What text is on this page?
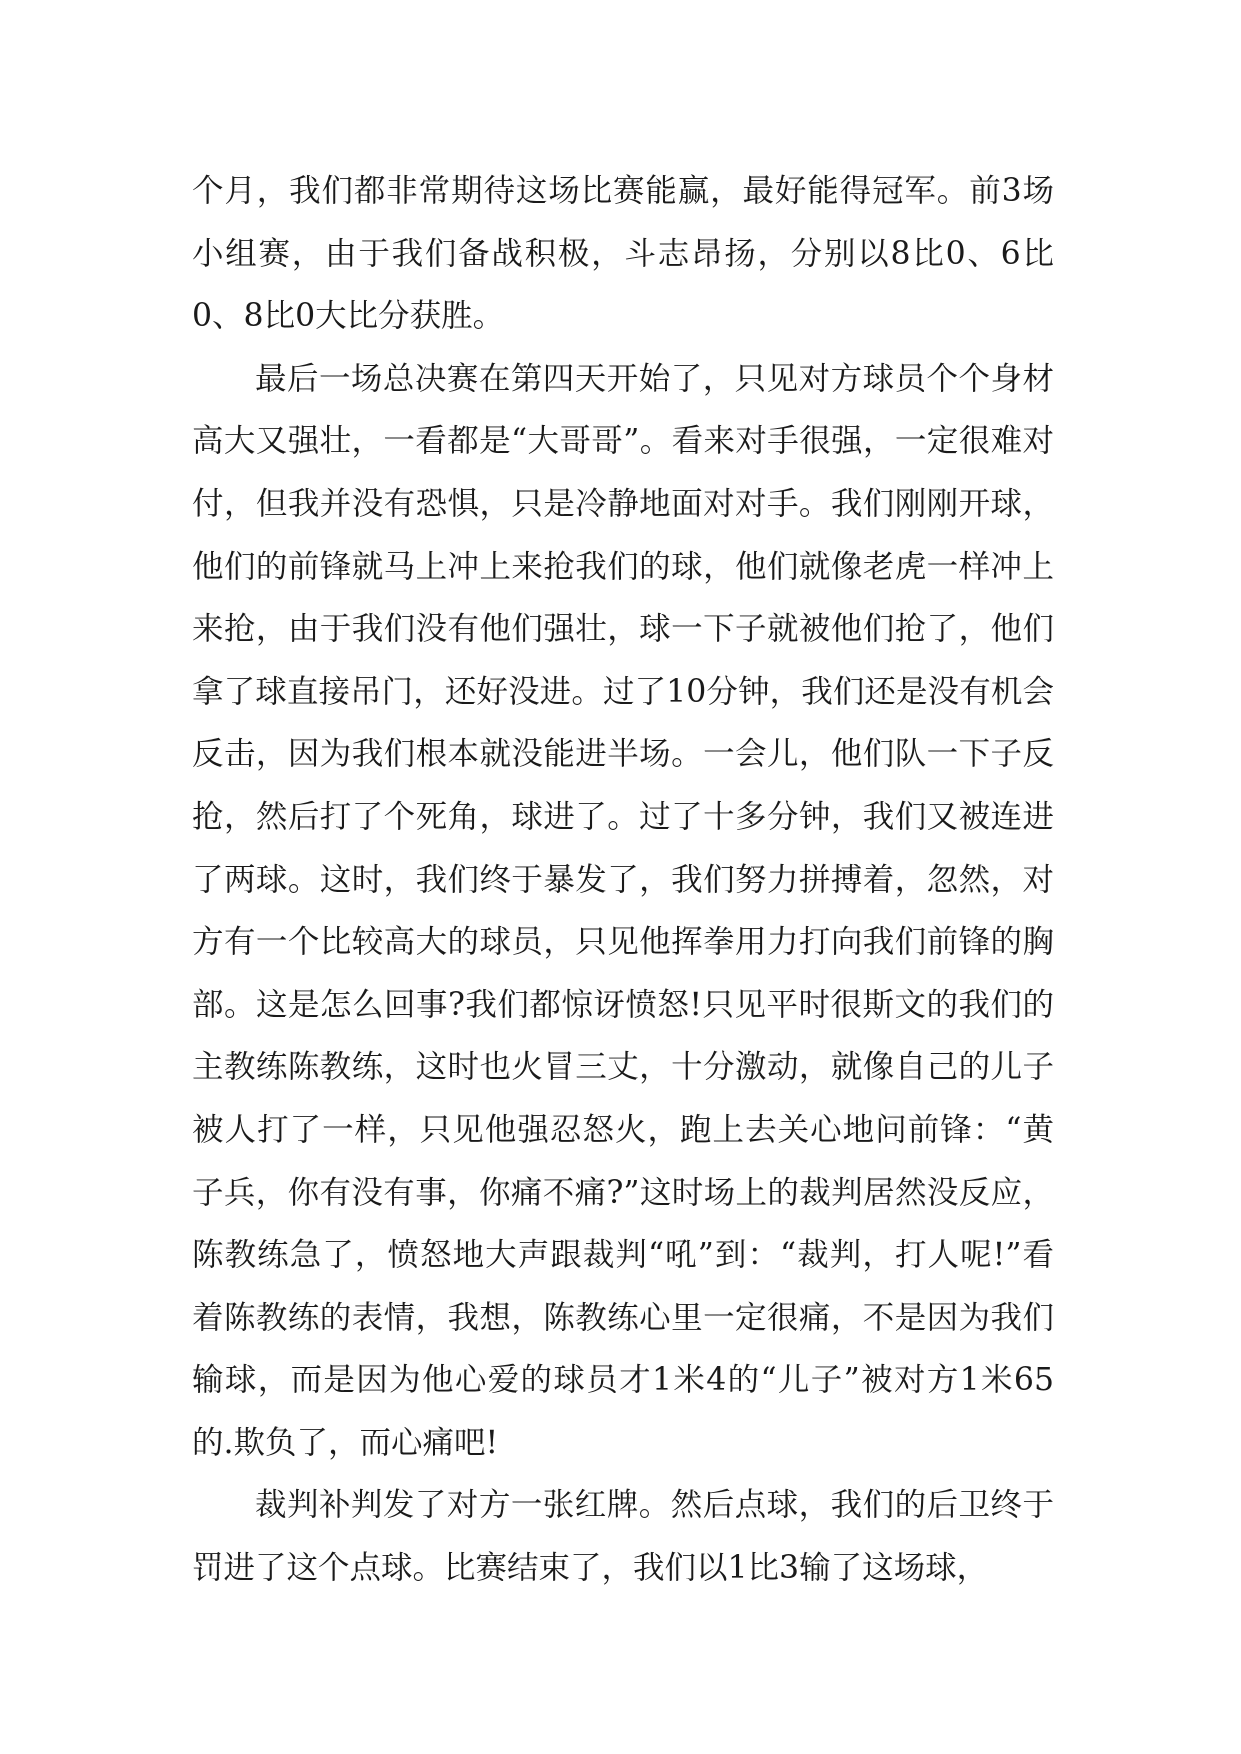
个月，我们都非常期待这场比赛能赢，最好能得冠军。前3场小组赛，由于我们备战积极，斗志昂扬，分别以8比0、6比0、8比0大比分获胜。

最后一场总决赛在第四天开始了，只见对方球员个个身材高大又强壮，一看都是“大哥哥”。看来对手很强，一定很难对付，但我并没有恐惧，只是冷静地面对对手。我们刚刚开球，他们的前锋就马上冲上来抢我们的球，他们就像老虎一样冲上来抢，由于我们没有他们强壮，球一下子就被他们抢了，他们拿了球直接吊门，还好没进。过了10分钟，我们还是没有机会反击，因为我们根本就没能进半场。一会儿，他们队一下子反抢，然后打了个死角，球进了。过了十多分钟，我们又被连进了两球。这时，我们终于暴发了，我们努力拼搏着，忽然，对方有一个比较高大的球员，只见他挥拳用力打向我们前锋的胸部。这是怎么回事?我们都惊讶愤怒!只见平时很斯文的我们的主教练陈教练，这时也火冒三丈，十分激动，就像自己的儿子被人打了一样，只见他强忍怒火，跑上去关心地问前锋：“黄子兵，你有没有事，你痛不痛?”这时场上的裁判居然没反应，陈教练急了，愤怒地大声跟裁判“吼”到：“裁判，打人呢!”看着陈教练的表情，我想，陈教练心里一定很痛，不是因为我们输球，而是因为他心爱的球员才1米4的“儿子”被对方1米65的.欺负了，而心痛吧!

裁判补判发了对方一张红牌。然后点球，我们的后卫终于罚进了这个点球。比赛结束了，我们以1比3输了这场球，
